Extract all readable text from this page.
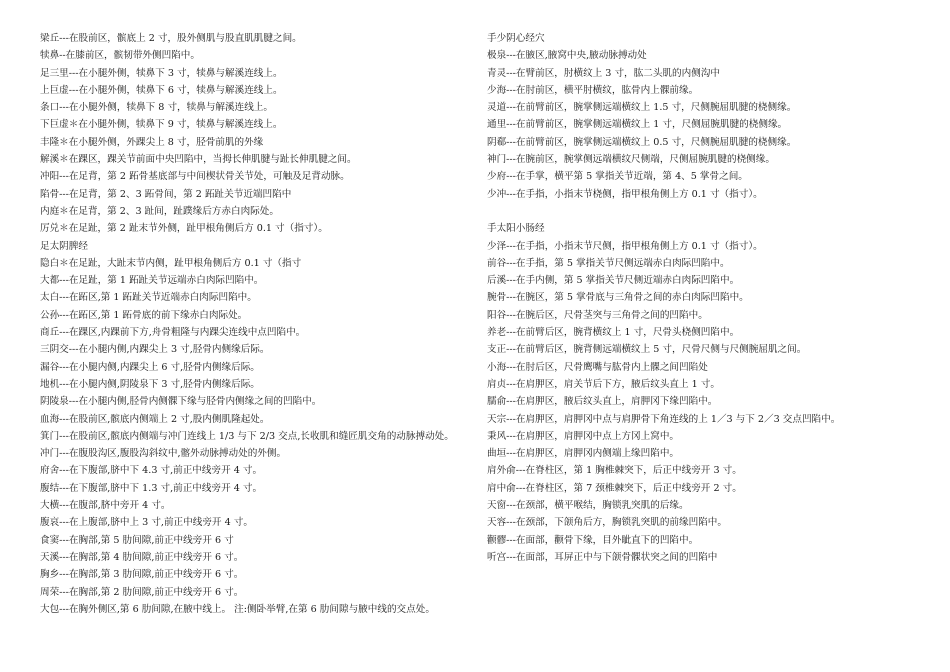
梁丘---在股前区，髌底上 2 寸，股外侧肌与股直肌肌腱之间。
犊鼻--在膝前区，髌韧带外侧凹陷中。
足三里---在小腿外侧，犊鼻下 3 寸，犊鼻与解溪连线上。
上巨虚---在小腿外侧，犊鼻下 6 寸，犊鼻与解溪连线上。
条口---在小腿外侧，犊鼻下 8 寸，犊鼻与解溪连线上。
下巨虚＊在小腿外侧，犊鼻下 9 寸，犊鼻与解溪连线上。
丰隆＊在小腿外侧，外踝尖上 8 寸，胫骨前肌的外缘
解溪＊在踝区，踝关节前面中央凹陷中，当拇长伸肌腱与趾长伸肌腱之间。
冲阳---在足背，第 2 跖骨基底部与中间楔状骨关节处，可触及足背动脉。
陷骨---在足背，第 2、3 跖骨间，第 2 跖趾关节近端凹陷中
内庭＊在足背，第 2、3 趾间，趾蹼缘后方赤白肉际处。
厉兑＊在足趾，第 2 趾末节外侧，趾甲根角侧后方 0.1 寸（指寸）。
足太阴脾经
隐白＊在足趾，大趾末节内侧，趾甲根角侧后方 0.1 寸（指寸
大都---在足趾，第 1 跖趾关节远端赤白肉际凹陷中。
太白---在跖区,第 1 跖趾关节近端赤白肉际凹陷中。
公孙---在跖区,第 1 跖骨底的前下缘赤白肉际处。
商丘---在踝区,内踝前下方,舟骨粗隆与内踝尖连线中点凹陷中。
三阴交---在小腿内侧,内踝尖上 3 寸,胫骨内侧缘后际。
漏谷---在小腿内侧,内踝尖上 6 寸,胫骨内侧缘后际。
地机---在小腿内侧,阴陵泉下 3 寸,胫骨内侧缘后际。
阴陵泉---在小腿内侧,胫骨内侧髁下缘与胫骨内侧缘之间的凹陷中。
血海---在股前区,髌底内侧端上 2 寸,股内侧肌隆起处。
箕门---在股前区,髌底内侧端与冲门连线上 1/3 与下 2/3 交点,长收肌和缝匠肌交角的动脉搏动处。
冲门---在腹股沟区,腹股沟斜纹中,髂外动脉搏动处的外侧。
府舍---在下腹部,脐中下 4.3 寸,前正中线旁开 4 寸。
腹结---在下腹部,脐中下 1.3 寸,前正中线旁开 4 寸。
大横---在腹部,脐中旁开 4 寸。
腹哀---在上腹部,脐中上 3 寸,前正中线旁开 4 寸。
食窦---在胸部,第 5 肋间隙,前正中线旁开 6 寸
天溪---在胸部,第 4 肋间隙,前正中线旁开 6 寸。
胸乡---在胸部,第 3 肋间隙,前正中线旁开 6 寸。
周荣---在胸部,第 2 肋间隙,前正中线旁开 6 寸。
大包---在胸外侧区,第 6 肋间隙,在腋中线上。 注:侧卧举臂,在第 6 肋间隙与腋中线的交点处。
手少阴心经穴
极泉---在腋区,腋窝中央,腋动脉搏动处
青灵---在臂前区，肘横纹上 3 寸，肱二头肌的内侧沟中
少海---在肘前区，横平肘横纹，肱骨内上髁前缘。
灵道---在前臂前区，腕掌侧远端横纹上 1.5 寸，尺侧腕屈肌腱的桡侧缘。
通里---在前臂前区，腕掌侧远端横纹上 1 寸，尺侧屈腕肌腱的桡侧缘。
阴郗---在前臂前区，腕掌侧远端横纹上 0.5 寸，尺侧腕屈肌腱的桡侧缘。
神门---在腕前区，腕掌侧远端横纹尺侧端，尺侧屈腕肌腱的桡侧缘。
少府---在手掌，横平第 5 掌指关节近端，第 4、5 掌骨之间。
少冲---在手指，小指末节桡侧，指甲根角侧上方 0.1 寸（指寸）。
手太阳小肠经
少泽---在手指，小指末节尺侧，指甲根角侧上方 0.1 寸（指寸）。
前谷---在手指，第 5 掌指关节尺侧远端赤白肉际凹陷中。
后溪---在手内侧，第 5 掌指关节尺侧近端赤白肉际凹陷中。
腕骨---在腕区，第 5 掌骨底与三角骨之间的赤白肉际凹陷中。
阳谷---在腕后区，尺骨茎突与三角骨之间的凹陷中。
养老---在前臂后区，腕背横纹上 1 寸，尺骨头桡侧凹陷中。
支正---在前臂后区，腕背侧远端横纹上 5 寸，尺骨尺侧与尺侧腕屈肌之间。
小海---在肘后区，尺骨鹰嘴与肱骨内上髁之间凹陷处
肩贞---在肩胛区，肩关节后下方，腋后纹头直上 1 寸。
臑俞---在肩胛区，腋后纹头直上，肩胛冈下缘凹陷中。
天宗---在肩胛区，肩胛冈中点与肩胛骨下角连线的上 1／3 与下 2／3 交点凹陷中。
秉风---在肩胛区，肩胛冈中点上方冈上窝中。
曲垣---在肩胛区，肩胛冈内侧端上缘凹陷中。
肩外俞---在脊柱区，第 1 胸椎棘突下，后正中线旁开 3 寸。
肩中俞---在脊柱区，第 7 颈椎棘突下，后正中线旁开 2 寸。
天窗---在颈部，横平喉结，胸锁乳突肌的后缘。
天容---在颈部，下颌角后方，胸锁乳突肌的前缘凹陷中。
颧髎---在面部，颧骨下缘，目外眦直下的凹陷中。
听宫---在面部，耳屏正中与下颌骨髁状突之间的凹陷中
